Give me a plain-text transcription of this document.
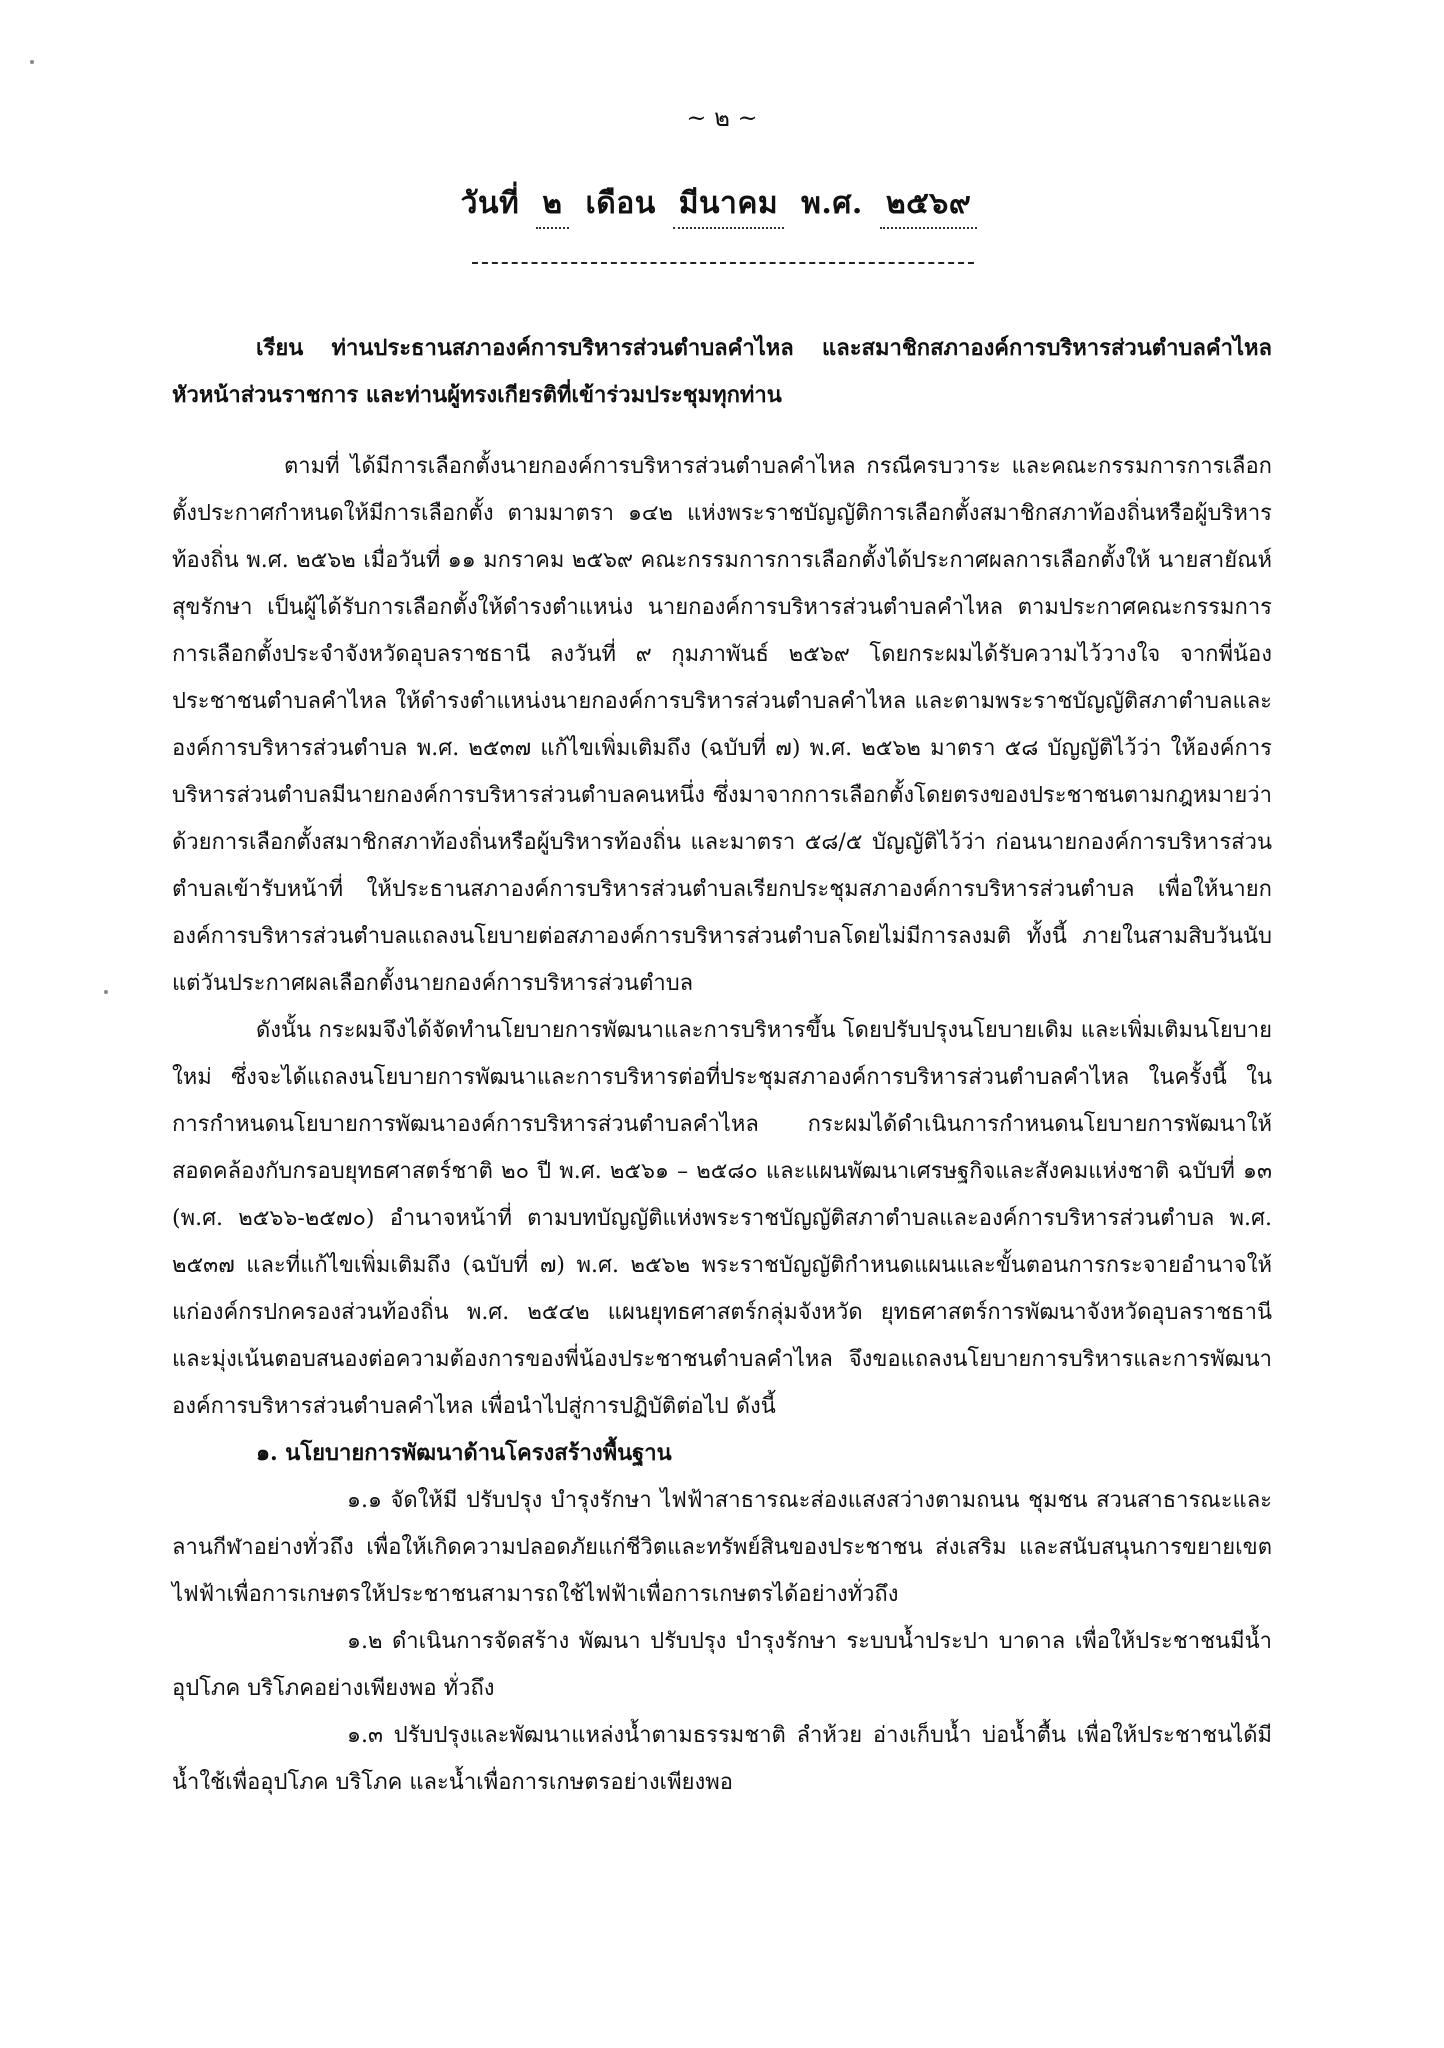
~ ๒ ~
วันที่ ๒ เดือน มีนาคม พ.ศ. ๒๕๖๙

เรียน ท่านประธานสภาองค์การบริหารส่วนตำบลคำไหล และสมาชิกสภาองค์การบริหารส่วนตำบลคำไหล หัวหน้าส่วนราชการ และท่านผู้ทรงเกียรติที่เข้าร่วมประชุมทุกท่าน

ตามที่ ได้มีการเลือกตั้งนายกองค์การบริหารส่วนตำบลคำไหล กรณีครบวาระ และคณะกรรมการการเลือกตั้งประกาศกำหนดให้มีการเลือกตั้ง ตามมาตรา ๑๔๒ แห่งพระราชบัญญัติการเลือกตั้งสมาชิกสภาท้องถิ่นหรือผู้บริหารท้องถิ่น พ.ศ. ๒๕๖๒ เมื่อวันที่ ๑๑ มกราคม ๒๕๖๙ คณะกรรมการการเลือกตั้งได้ประกาศผลการเลือกตั้งให้ นายสายัณห์ สุขรักษา เป็นผู้ได้รับการเลือกตั้งให้ดำรงตำแหน่ง นายกองค์การบริหารส่วนตำบลคำไหล ตามประกาศคณะกรรมการการเลือกตั้งประจำจังหวัดอุบลราชธานี ลงวันที่ ๙ กุมภาพันธ์ ๒๕๖๙ โดยกระผมได้รับความไว้วางใจ จากพี่น้องประชาชนตำบลคำไหล ให้ดำรงตำแหน่งนายกองค์การบริหารส่วนตำบลคำไหล และตามพระราชบัญญัติสภาตำบลและองค์การบริหารส่วนตำบล พ.ศ. ๒๕๓๗ แก้ไขเพิ่มเติมถึง (ฉบับที่ ๗) พ.ศ. ๒๕๖๒ มาตรา ๕๘ บัญญัติไว้ว่า ให้องค์การบริหารส่วนตำบลมีนายกองค์การบริหารส่วนตำบลคนหนึ่ง ซึ่งมาจากการเลือกตั้งโดยตรงของประชาชนตามกฎหมายว่าด้วยการเลือกตั้งสมาชิกสภาท้องถิ่นหรือผู้บริหารท้องถิ่น และมาตรา ๕๘/๕ บัญญัติไว้ว่า ก่อนนายกองค์การบริหารส่วนตำบลเข้ารับหน้าที่ ให้ประธานสภาองค์การบริหารส่วนตำบลเรียกประชุมสภาองค์การบริหารส่วนตำบล เพื่อให้นายกองค์การบริหารส่วนตำบลแถลงนโยบายต่อสภาองค์การบริหารส่วนตำบลโดยไม่มีการลงมติ ทั้งนี้ ภายในสามสิบวันนับแต่วันประกาศผลเลือกตั้งนายกองค์การบริหารส่วนตำบล

ดังนั้น กระผมจึงได้จัดทำนโยบายการพัฒนาและการบริหารขึ้น โดยปรับปรุงนโยบายเดิม และเพิ่มเติมนโยบายใหม่ ซึ่งจะได้แถลงนโยบายการพัฒนาและการบริหารต่อที่ประชุมสภาองค์การบริหารส่วนตำบลคำไหล ในครั้งนี้ ในการกำหนดนโยบายการพัฒนาองค์การบริหารส่วนตำบลคำไหล กระผมได้ดำเนินการกำหนดนโยบายการพัฒนาให้สอดคล้องกับกรอบยุทธศาสตร์ชาติ ๒๐ ปี พ.ศ. ๒๕๖๑ – ๒๕๘๐ และแผนพัฒนาเศรษฐกิจและสังคมแห่งชาติ ฉบับที่ ๑๓ (พ.ศ. ๒๕๖๖-๒๕๗๐) อำนาจหน้าที่ ตามบทบัญญัติแห่งพระราชบัญญัติสภาตำบลและองค์การบริหารส่วนตำบล พ.ศ. ๒๕๓๗ และที่แก้ไขเพิ่มเติมถึง (ฉบับที่ ๗) พ.ศ. ๒๕๖๒ พระราชบัญญัติกำหนดแผนและขั้นตอนการกระจายอำนาจให้แก่องค์กรปกครองส่วนท้องถิ่น พ.ศ. ๒๕๔๒ แผนยุทธศาสตร์กลุ่มจังหวัด ยุทธศาสตร์การพัฒนาจังหวัดอุบลราชธานี และมุ่งเน้นตอบสนองต่อความต้องการของพี่น้องประชาชนตำบลคำไหล จึงขอแถลงนโยบายการบริหารและการพัฒนาองค์การบริหารส่วนตำบลคำไหล เพื่อนำไปสู่การปฏิบัติต่อไป ดังนี้

๑. นโยบายการพัฒนาด้านโครงสร้างพื้นฐาน

๑.๑ จัดให้มี ปรับปรุง บำรุงรักษา ไฟฟ้าสาธารณะส่องแสงสว่างตามถนน ชุมชน สวนสาธารณะและลานกีฬาอย่างทั่วถึง เพื่อให้เกิดความปลอดภัยแก่ชีวิตและทรัพย์สินของประชาชน ส่งเสริม และสนับสนุนการขยายเขตไฟฟ้าเพื่อการเกษตรให้ประชาชนสามารถใช้ไฟฟ้าเพื่อการเกษตรได้อย่างทั่วถึง

๑.๒ ดำเนินการจัดสร้าง พัฒนา ปรับปรุง บำรุงรักษา ระบบน้ำประปา บาดาล เพื่อให้ประชาชนมีน้ำอุปโภค บริโภคอย่างเพียงพอ ทั่วถึง

๑.๓ ปรับปรุงและพัฒนาแหล่งน้ำตามธรรมชาติ ลำห้วย อ่างเก็บน้ำ บ่อน้ำตื้น เพื่อให้ประชาชนได้มีน้ำใช้เพื่ออุปโภค บริโภค และน้ำเพื่อการเกษตรอย่างเพียงพอ
